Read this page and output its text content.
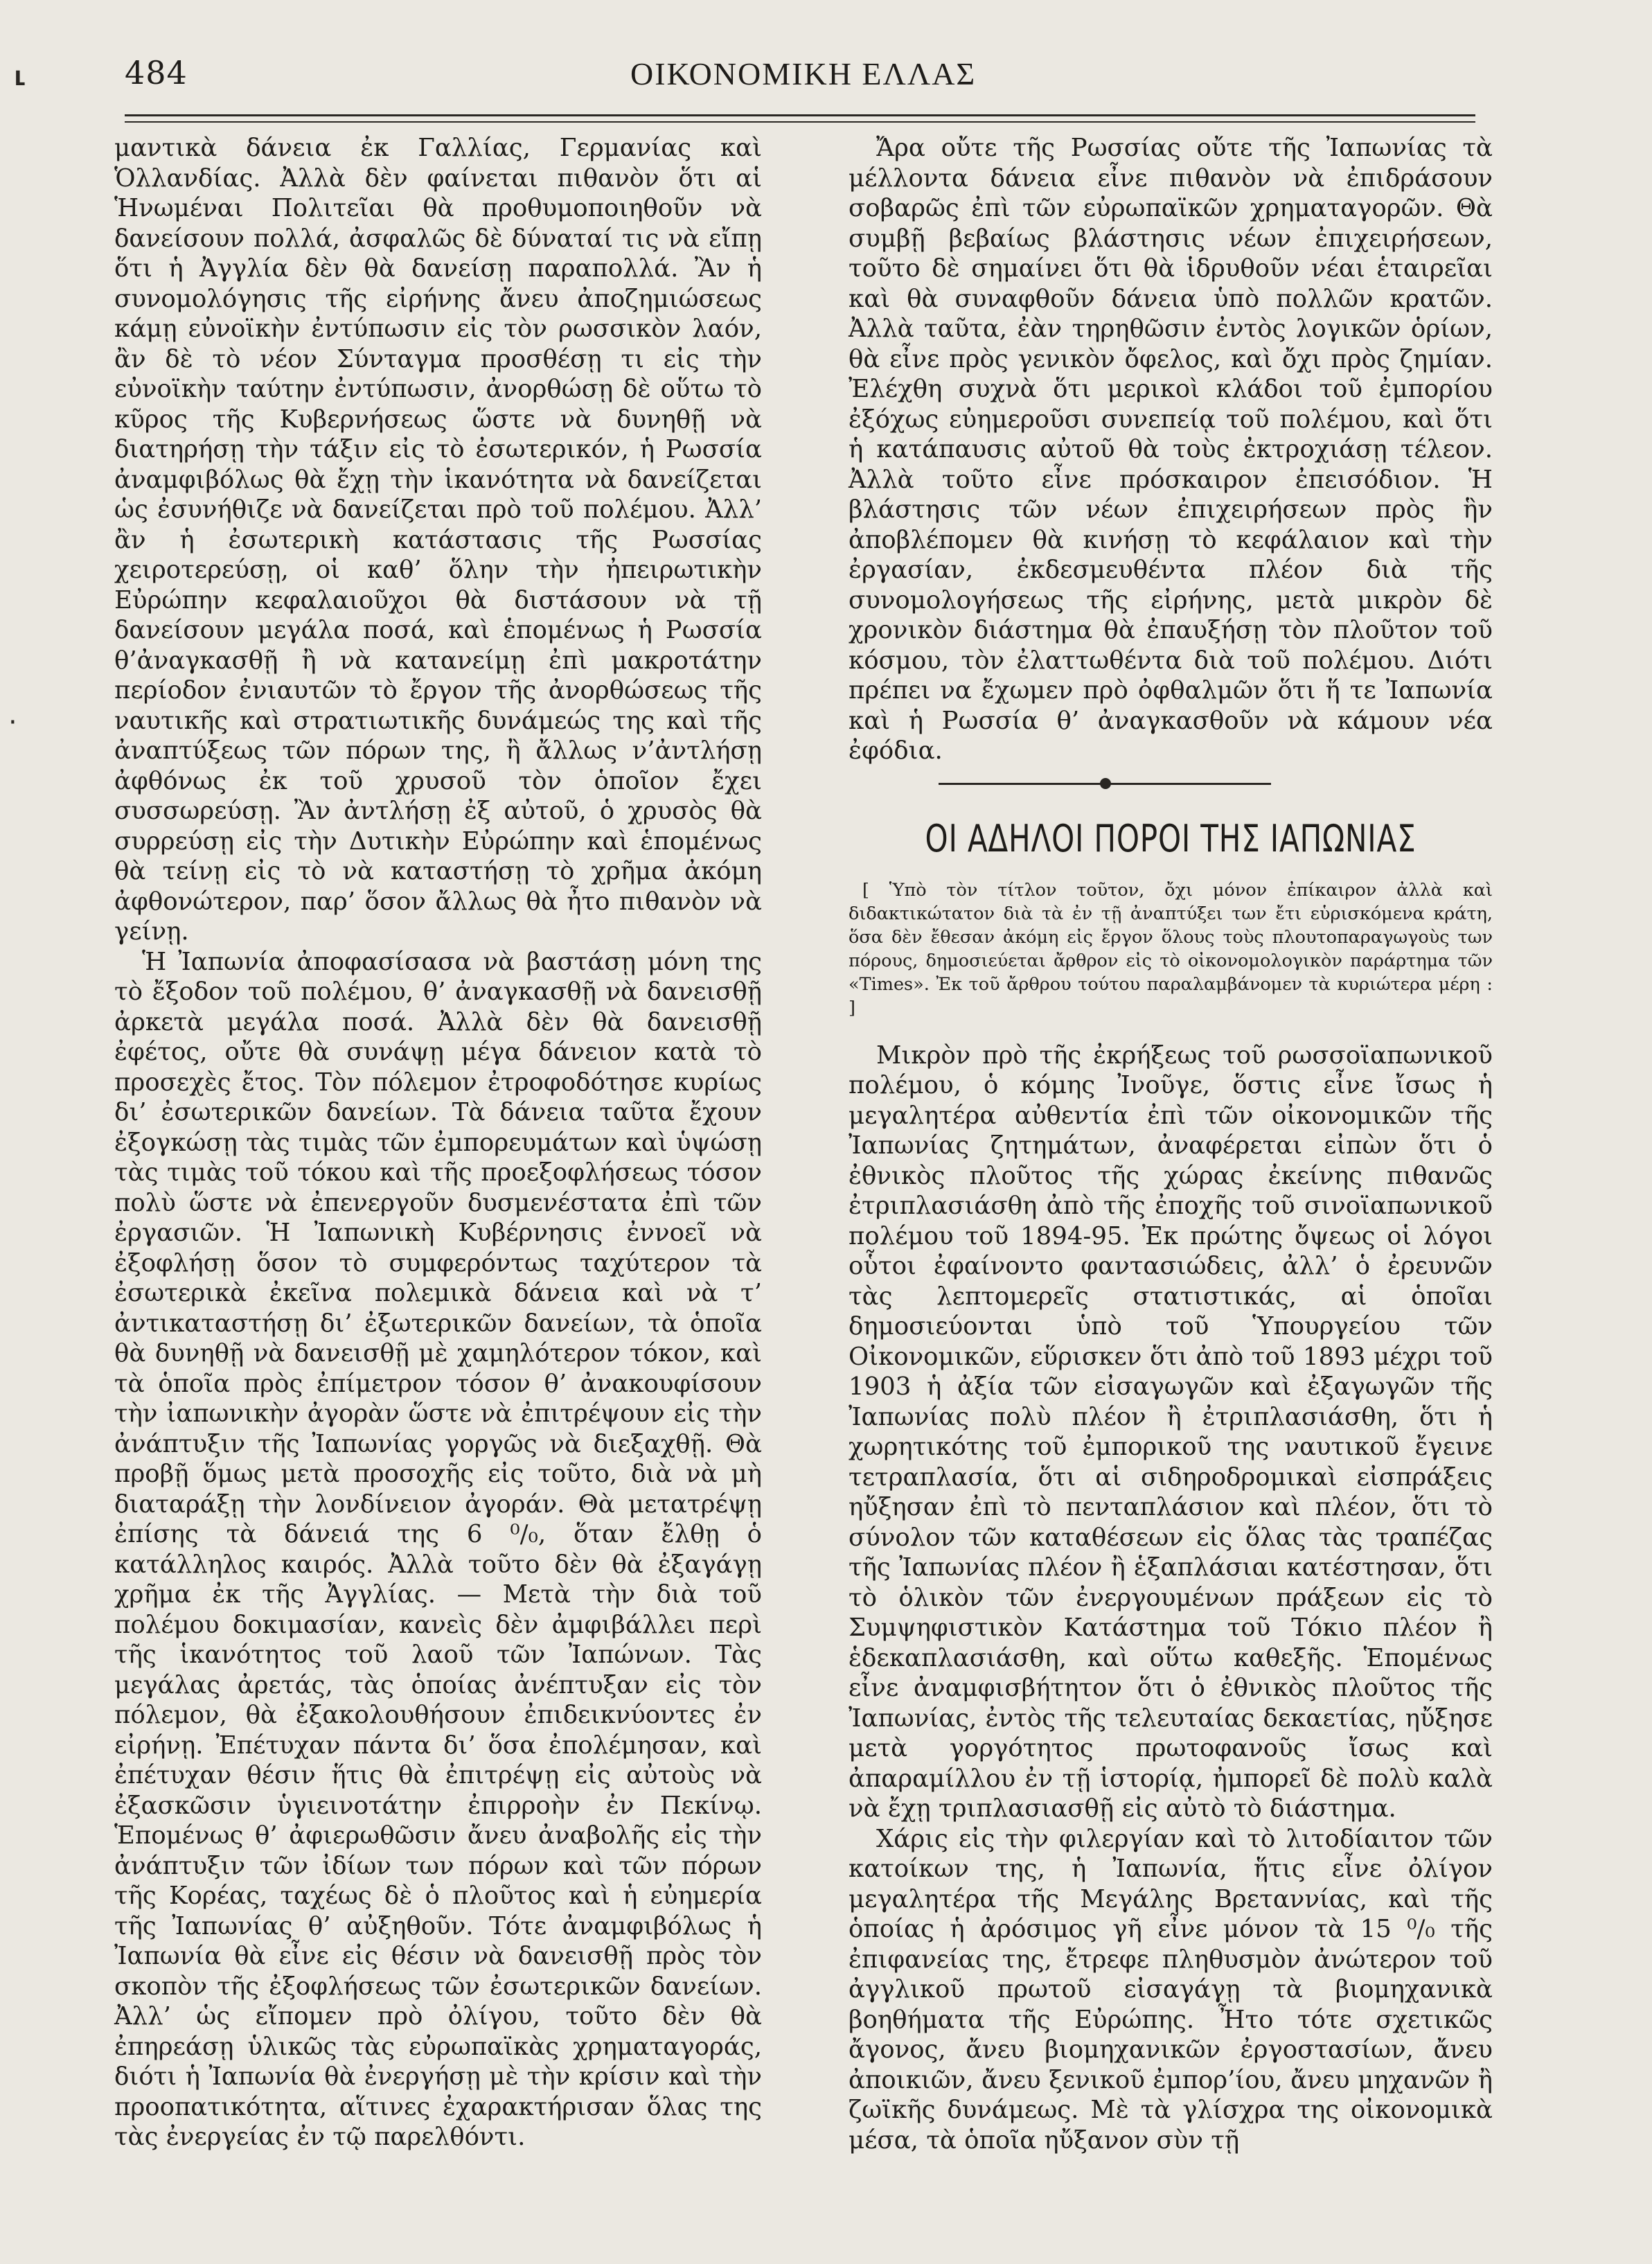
⸤
·
484	ΟΙΚΟΝΟΜΙΚΗ ΕΛΛΑΣ

μαντικὰ δάνεια ἐκ Γαλλίας, Γερμανίας καὶ Ὁλλανδίας. Ἀλλὰ δὲν φαίνεται πιθανὸν ὅτι αἱ Ἡνωμέναι Πολιτεῖαι θὰ προθυμοποιηθοῦν νὰ δανείσουν πολλά, ἀσφαλῶς δὲ δύναταί τις νὰ εἴπῃ ὅτι ἡ Ἀγγλία δὲν θὰ δανείσῃ παραπολλά. Ἂν ἡ συνομολόγησις τῆς εἰρήνης ἄνευ ἀποζημιώσεως κάμῃ εὐνοϊκὴν ἐντύπωσιν εἰς τὸν ρωσσικὸν λαόν, ἂν δὲ τὸ νέον Σύνταγμα προσθέσῃ τι εἰς τὴν εὐνοϊκὴν ταύτην ἐντύπωσιν, ἀνορθώσῃ δὲ οὕτω τὸ κῦρος τῆς Κυβερνήσεως ὥστε νὰ δυνηθῇ νὰ διατηρήσῃ τὴν τάξιν εἰς τὸ ἐσωτερικόν, ἡ Ρωσσία ἀναμφιβόλως θὰ ἔχῃ τὴν ἱκανότητα νὰ δανείζεται ὡς ἐσυνήθιζε νὰ δανείζεται πρὸ τοῦ πολέμου. Ἀλλ’ ἂν ἡ ἐσωτερικὴ κατάστασις τῆς Ρωσσίας χειροτερεύσῃ, οἱ καθ’ ὅλην τὴν ἠπειρωτικὴν Εὐρώπην κεφαλαιοῦχοι θὰ διστάσουν νὰ τῇ δανείσουν μεγάλα ποσά, καὶ ἑπομένως ἡ Ρωσσία θ’ἀναγκασθῇ ἢ νὰ κατανείμῃ ἐπὶ μακροτάτην περίοδον ἐνιαυτῶν τὸ ἔργον τῆς ἀνορθώσεως τῆς ναυτικῆς καὶ στρατιωτικῆς δυνάμεώς της καὶ τῆς ἀναπτύξεως τῶν πόρων της, ἢ ἄλλως ν’ἀντλήσῃ ἀφθόνως ἐκ τοῦ χρυσοῦ τὸν ὁποῖον ἔχει συσσωρεύσῃ. Ἂν ἀντλήσῃ ἐξ αὐτοῦ, ὁ χρυσὸς θὰ συρρεύσῃ εἰς τὴν Δυτικὴν Εὐρώπην καὶ ἑπομένως θὰ τείνῃ εἰς τὸ νὰ καταστήσῃ τὸ χρῆμα ἀκόμη ἀφθονώτερον, παρ’ ὅσον ἄλλως θὰ ἦτο πιθανὸν νὰ γείνῃ.

Ἡ Ἰαπωνία ἀποφασίσασα νὰ βαστάσῃ μόνη της τὸ ἔξοδον τοῦ πολέμου, θ’ ἀναγκασθῇ νὰ δανεισθῇ ἀρκετὰ μεγάλα ποσά. Ἀλλὰ δὲν θὰ δανεισθῇ ἐφέτος, οὔτε θὰ συνάψῃ μέγα δάνειον κατὰ τὸ προσεχὲς ἔτος. Τὸν πόλεμον ἐτροφοδότησε κυρίως δι’ ἐσωτερικῶν δανείων. Τὰ δάνεια ταῦτα ἔχουν ἐξογκώσῃ τὰς τιμὰς τῶν ἐμπορευμάτων καὶ ὑψώσῃ τὰς τιμὰς τοῦ τόκου καὶ τῆς προεξοφλήσεως τόσον πολὺ ὥστε νὰ ἐπενεργοῦν δυσμενέστατα ἐπὶ τῶν ἐργασιῶν. Ἡ Ἰαπωνικὴ Κυβέρνησις ἐννοεῖ νὰ ἐξοφλήσῃ ὅσον τὸ συμφερόντως ταχύτερον τὰ ἐσωτερικὰ ἐκεῖνα πολεμικὰ δάνεια καὶ νὰ τ’ ἀντικαταστήσῃ δι’ ἐξωτερικῶν δανείων, τὰ ὁποῖα θὰ δυνηθῇ νὰ δανεισθῇ μὲ χαμηλότερον τόκον, καὶ τὰ ὁποῖα πρὸς ἐπίμετρον τόσον θ’ ἀνακουφίσουν τὴν ἰαπωνικὴν ἀγορὰν ὥστε νὰ ἐπιτρέψουν εἰς τὴν ἀνάπτυξιν τῆς Ἰαπωνίας γοργῶς νὰ διεξαχθῇ. Θὰ προβῇ ὅμως μετὰ προσοχῆς εἰς τοῦτο, διὰ νὰ μὴ διαταράξῃ τὴν λονδίνειον ἀγοράν. Θὰ μετατρέψῃ ἐπίσης τὰ δάνειά της 6 ⁰/₀, ὅταν ἔλθῃ ὁ κατάλληλος καιρός. Ἀλλὰ τοῦτο δὲν θὰ ἐξαγάγῃ χρῆμα ἐκ τῆς Ἀγγλίας. — Μετὰ τὴν διὰ τοῦ πολέμου δοκιμασίαν, κανεὶς δὲν ἀμφιβάλλει περὶ τῆς ἱκανότητος τοῦ λαοῦ τῶν Ἰαπώνων. Τὰς μεγάλας ἀρετάς, τὰς ὁποίας ἀνέπτυξαν εἰς τὸν πόλεμον, θὰ ἐξακολουθήσουν ἐπιδεικνύοντες ἐν εἰρήνῃ. Ἐπέτυχαν πάντα δι’ ὅσα ἐπολέμησαν, καὶ ἐπέτυχαν θέσιν ἥτις θὰ ἐπιτρέψῃ εἰς αὐτοὺς νὰ ἐξασκῶσιν ὑγιεινοτάτην ἐπιρροὴν ἐν Πεκίνῳ. Ἑπομένως θ’ ἀφιερωθῶσιν ἄνευ ἀναβολῆς εἰς τὴν ἀνάπτυξιν τῶν ἰδίων των πόρων καὶ τῶν πόρων τῆς Κορέας, ταχέως δὲ ὁ πλοῦτος καὶ ἡ εὐημερία τῆς Ἰαπωνίας θ’ αὐξηθοῦν. Τότε ἀναμφιβόλως ἡ Ἰαπωνία θὰ εἶνε εἰς θέσιν νὰ δανεισθῇ πρὸς τὸν σκοπὸν τῆς ἐξοφλήσεως τῶν ἐσωτερικῶν δανείων. Ἀλλ’ ὡς εἴπομεν πρὸ ὀλίγου, τοῦτο δὲν θὰ ἐπηρεάσῃ ὑλικῶς τὰς εὐρωπαϊκὰς χρηματαγοράς, διότι ἡ Ἰαπωνία θὰ ἐνεργήσῃ μὲ τὴν κρίσιν καὶ τὴν προοπατικότητα, αἵτινες ἐχαρακτήρισαν ὅλας της τὰς ἐνεργείας ἐν τῷ παρελθόντι.

Ἄρα οὔτε τῆς Ρωσσίας οὔτε τῆς Ἰαπωνίας τὰ μέλλοντα δάνεια εἶνε πιθανὸν νὰ ἐπιδράσουν σοβαρῶς ἐπὶ τῶν εὐρωπαϊκῶν χρηματαγορῶν. Θὰ συμβῇ βεβαίως βλάστησις νέων ἐπιχειρήσεων, τοῦτο δὲ σημαίνει ὅτι θὰ ἱδρυθοῦν νέαι ἑταιρεῖαι καὶ θὰ συναφθοῦν δάνεια ὑπὸ πολλῶν κρατῶν. Ἀλλὰ ταῦτα, ἐὰν τηρηθῶσιν ἐντὸς λογικῶν ὁρίων, θὰ εἶνε πρὸς γενικὸν ὄφελος, καὶ ὄχι πρὸς ζημίαν. Ἐλέχθη συχνὰ ὅτι μερικοὶ κλάδοι τοῦ ἐμπορίου ἐξόχως εὐημεροῦσι συνεπείᾳ τοῦ πολέμου, καὶ ὅτι ἡ κατάπαυσις αὐτοῦ θὰ τοὺς ἐκτροχιάσῃ τέλεον. Ἀλλὰ τοῦτο εἶνε πρόσκαιρον ἐπεισόδιον. Ἡ βλάστησις τῶν νέων ἐπιχειρήσεων πρὸς ἣν ἀποβλέπομεν θὰ κινήσῃ τὸ κεφάλαιον καὶ τὴν ἐργασίαν, ἐκδεσμευθέντα πλέον διὰ τῆς συνομολογήσεως τῆς εἰρήνης, μετὰ μικρὸν δὲ χρονικὸν διάστημα θὰ ἐπαυξήσῃ τὸν πλοῦτον τοῦ κόσμου, τὸν ἐλαττωθέντα διὰ τοῦ πολέμου. Διότι πρέπει να ἔχωμεν πρὸ ὀφθαλμῶν ὅτι ἥ τε Ἰαπωνία καὶ ἡ Ρωσσία θ’ ἀναγκασθοῦν νὰ κάμουν νέα ἐφόδια.

ΟΙ ΑΔΗΛΟΙ ΠΟΡΟΙ ΤΗΣ ΙΑΠΩΝΙΑΣ

[ Ὑπὸ τὸν τίτλον τοῦτον, ὄχι μόνον ἐπίκαιρον ἀλλὰ καὶ διδακτικώτατον διὰ τὰ ἐν τῇ ἀναπτύξει των ἔτι εὑρισκόμενα κράτη, ὅσα δὲν ἔθεσαν ἀκόμη εἰς ἔργον ὅλους τοὺς πλουτοπαραγωγοὺς των πόρους, δημοσιεύεται ἄρθρον εἰς τὸ οἰκονομολογικὸν παράρτημα τῶν «Times». Ἐκ τοῦ ἄρθρου τούτου παραλαμβάνομεν τὰ κυριώτερα μέρη : ]

Μικρὸν πρὸ τῆς ἐκρήξεως τοῦ ρωσσοϊαπωνικοῦ πολέμου, ὁ κόμης Ἰνοῦγε, ὅστις εἶνε ἴσως ἡ μεγαλητέρα αὐθεντία ἐπὶ τῶν οἰκονομικῶν τῆς Ἰαπωνίας ζητημάτων, ἀναφέρεται εἰπὼν ὅτι ὁ ἐθνικὸς πλοῦτος τῆς χώρας ἐκείνης πιθανῶς ἐτριπλασιάσθη ἀπὸ τῆς ἐποχῆς τοῦ σινοϊαπωνικοῦ πολέμου τοῦ 1894-95. Ἐκ πρώτης ὄψεως οἱ λόγοι οὗτοι ἐφαίνοντο φαντασιώδεις, ἀλλ’ ὁ ἐρευνῶν τὰς λεπτομερεῖς στατιστικάς, αἱ ὁποῖαι δημοσιεύονται ὑπὸ τοῦ Ὑπουργείου τῶν Οἰκονομικῶν, εὕρισκεν ὅτι ἀπὸ τοῦ 1893 μέχρι τοῦ 1903 ἡ ἀξία τῶν εἰσαγωγῶν καὶ ἐξαγωγῶν τῆς Ἰαπωνίας πολὺ πλέον ἢ ἐτριπλασιάσθη, ὅτι ἡ χωρητικότης τοῦ ἐμπορικοῦ της ναυτικοῦ ἔγεινε τετραπλασία, ὅτι αἱ σιδηροδρομικαὶ εἰσπράξεις ηὔξησαν ἐπὶ τὸ πενταπλάσιον καὶ πλέον, ὅτι τὸ σύνολον τῶν καταθέσεων εἰς ὅλας τὰς τραπέζας τῆς Ἰαπωνίας πλέον ἢ ἑξαπλάσιαι κατέστησαν, ὅτι τὸ ὁλικὸν τῶν ἐνεργουμένων πράξεων εἰς τὸ Συμψηφιστικὸν Κατάστημα τοῦ Τόκιο πλέον ἢ ἑδεκαπλασιάσθη, καὶ οὕτω καθεξῆς. Ἑπομένως εἶνε ἀναμφισβήτητον ὅτι ὁ ἐθνικὸς πλοῦτος τῆς Ἰαπωνίας, ἐντὸς τῆς τελευταίας δεκαετίας, ηὔξησε μετὰ γοργότητος πρωτοφανοῦς ἴσως καὶ ἀπαραμίλλου ἐν τῇ ἱστορίᾳ, ἠμπορεῖ δὲ πολὺ καλὰ νὰ ἔχῃ τριπλασιασθῇ εἰς αὐτὸ τὸ διάστημα.

Χάρις εἰς τὴν φιλεργίαν καὶ τὸ λιτοδίαιτον τῶν κατοίκων της, ἡ Ἰαπωνία, ἥτις εἶνε ὀλίγον μεγαλητέρα τῆς Μεγάλης Βρεταννίας, καὶ τῆς ὁποίας ἡ ἀρόσιμος γῆ εἶνε μόνον τὰ 15 ⁰/₀ τῆς ἐπιφανείας της, ἔτρεφε πληθυσμὸν ἀνώτερον τοῦ ἀγγλικοῦ πρωτοῦ εἰσαγάγῃ τὰ βιομηχανικὰ βοηθήματα τῆς Εὐρώπης. Ἦτο τότε σχετικῶς ἄγονος, ἄνευ βιομηχανικῶν ἐργοστασίων, ἄνευ ἀποικιῶν, ἄνευ ξενικοῦ ἐμπορ’ίου, ἄνευ μηχανῶν ἢ ζωϊκῆς δυνάμεως. Μὲ τὰ γλίσχρα της οἰκονομικὰ μέσα, τὰ ὁποῖα ηὔξανον σὺν τῇ
